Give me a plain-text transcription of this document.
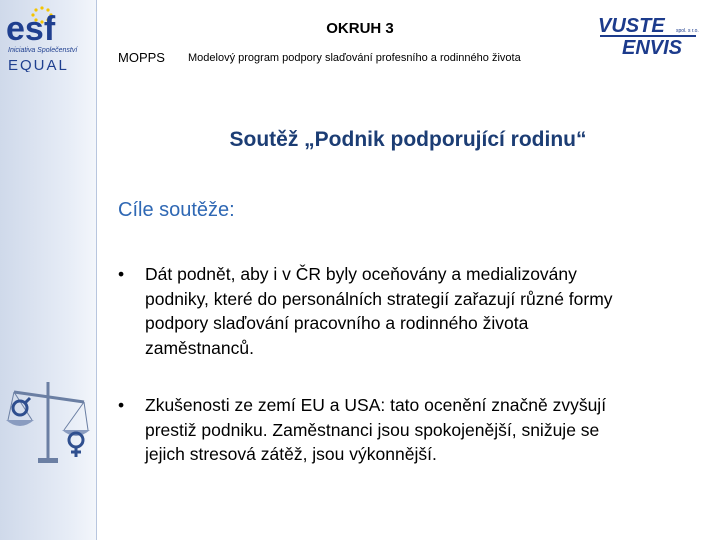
esf
Iniciativa Společenství
EQUAL
OKRUH 3
MOPPS Modelový program podpory slaďování profesního a rodinného života
VUSTE
ENVIS
spol. s r.o.
Soutěž „Podnik podporující rodinu“
Cíle soutěže:
• Dát podnět, aby i v ČR byly oceňovány a medializovány
podniky, které do personálních strategií zařazují různé formy
podpory slaďování pracovního a rodinného života
zaměstnanců.
• Zkušenosti ze zemí EU a USA: tato ocenění značně zvyšují
prestiž podniku. Zaměstnanci jsou spokojenější, snižuje se
jejich stresová zátěž, jsou výkonnější.
